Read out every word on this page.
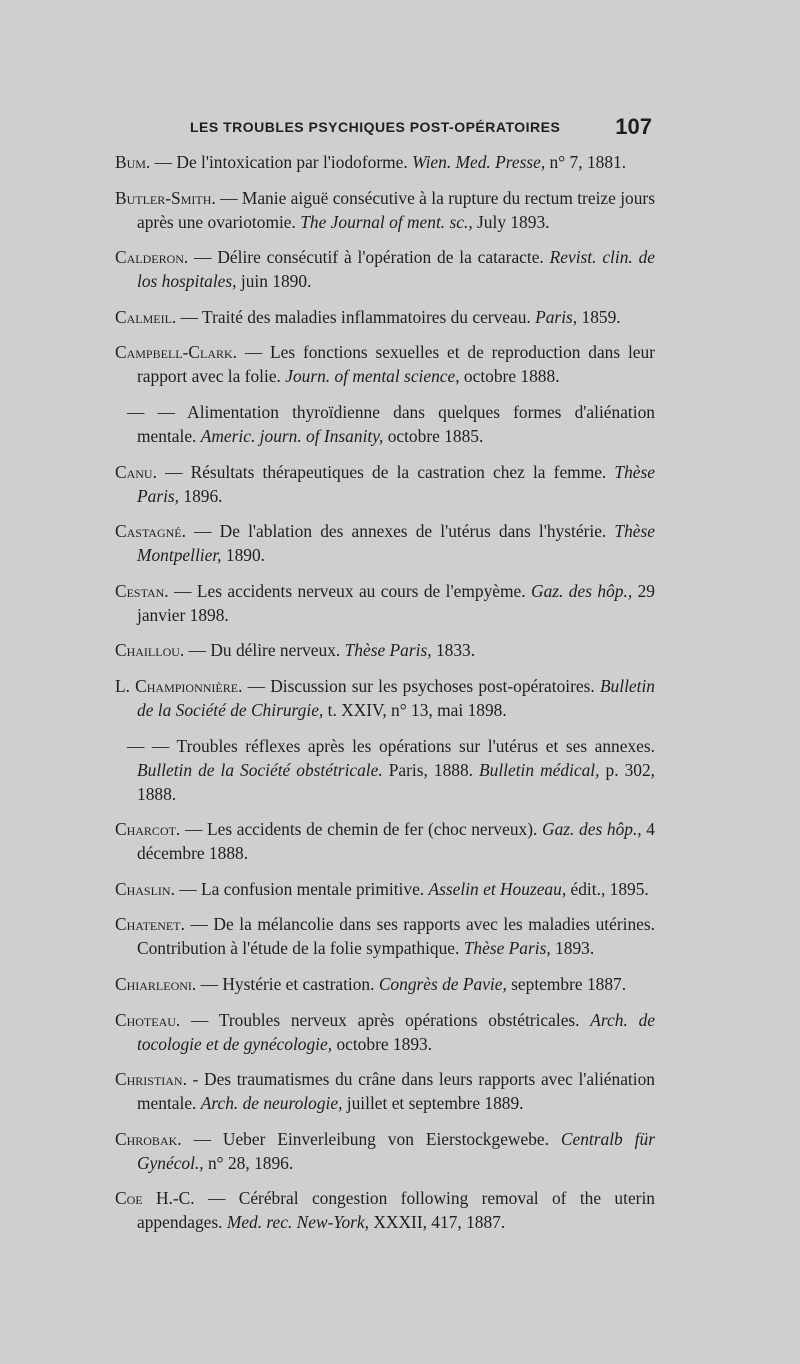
LES TROUBLES PSYCHIQUES POST-OPÉRATOIRES 107

Bum. — De l'intoxication par l'iodoforme. Wien. Med. Presse, n° 7, 1881.

Butler-Smith. — Manie aiguë consécutive à la rupture du rectum treize jours après une ovariotomie. The Journal of ment. sc., July 1893.

Calderon. — Délire consécutif à l'opération de la cataracte. Revist. clin. de los hospitales, juin 1890.

Calmeil. — Traité des maladies inflammatoires du cerveau. Paris, 1859.

Campbell-Clark. — Les fonctions sexuelles et de reproduction dans leur rapport avec la folie. Journ. of mental science, octobre 1888.

— — Alimentation thyroïdienne dans quelques formes d'aliénation mentale. Americ. journ. of Insanity, octobre 1885.

Canu. — Résultats thérapeutiques de la castration chez la femme. Thèse Paris, 1896.

Castagné. — De l'ablation des annexes de l'utérus dans l'hystérie. Thèse Montpellier, 1890.

Cestan. — Les accidents nerveux au cours de l'empyème. Gaz. des hôp., 29 janvier 1898.

Chaillou. — Du délire nerveux. Thèse Paris, 1833.

L. Championnière. — Discussion sur les psychoses post-opératoires. Bulletin de la Société de Chirurgie, t. XXIV, n° 13, mai 1898.

— — Troubles réflexes après les opérations sur l'utérus et ses annexes. Bulletin de la Société obstétricale. Paris, 1888. Bulletin médical, p. 302, 1888.

Charcot. — Les accidents de chemin de fer (choc nerveux). Gaz. des hôp., 4 décembre 1888.

Chaslin. — La confusion mentale primitive. Asselin et Houzeau, édit., 1895.

Chatenet. — De la mélancolie dans ses rapports avec les maladies utérines. Contribution à l'étude de la folie sympathique. Thèse Paris, 1893.

Chiarleoni. — Hystérie et castration. Congrès de Pavie, septembre 1887.

Choteau. — Troubles nerveux après opérations obstétricales. Arch. de tocologie et de gynécologie, octobre 1893.

Christian. - Des traumatismes du crâne dans leurs rapports avec l'aliénation mentale. Arch. de neurologie, juillet et septembre 1889.

Chrobak. — Ueber Einverleibung von Eierstockgewebe. Centralb für Gynécol., n° 28, 1896.

Coe H.-C. — Cérébral congestion following removal of the uterin appendages. Med. rec. New-York, XXXII, 417, 1887.
